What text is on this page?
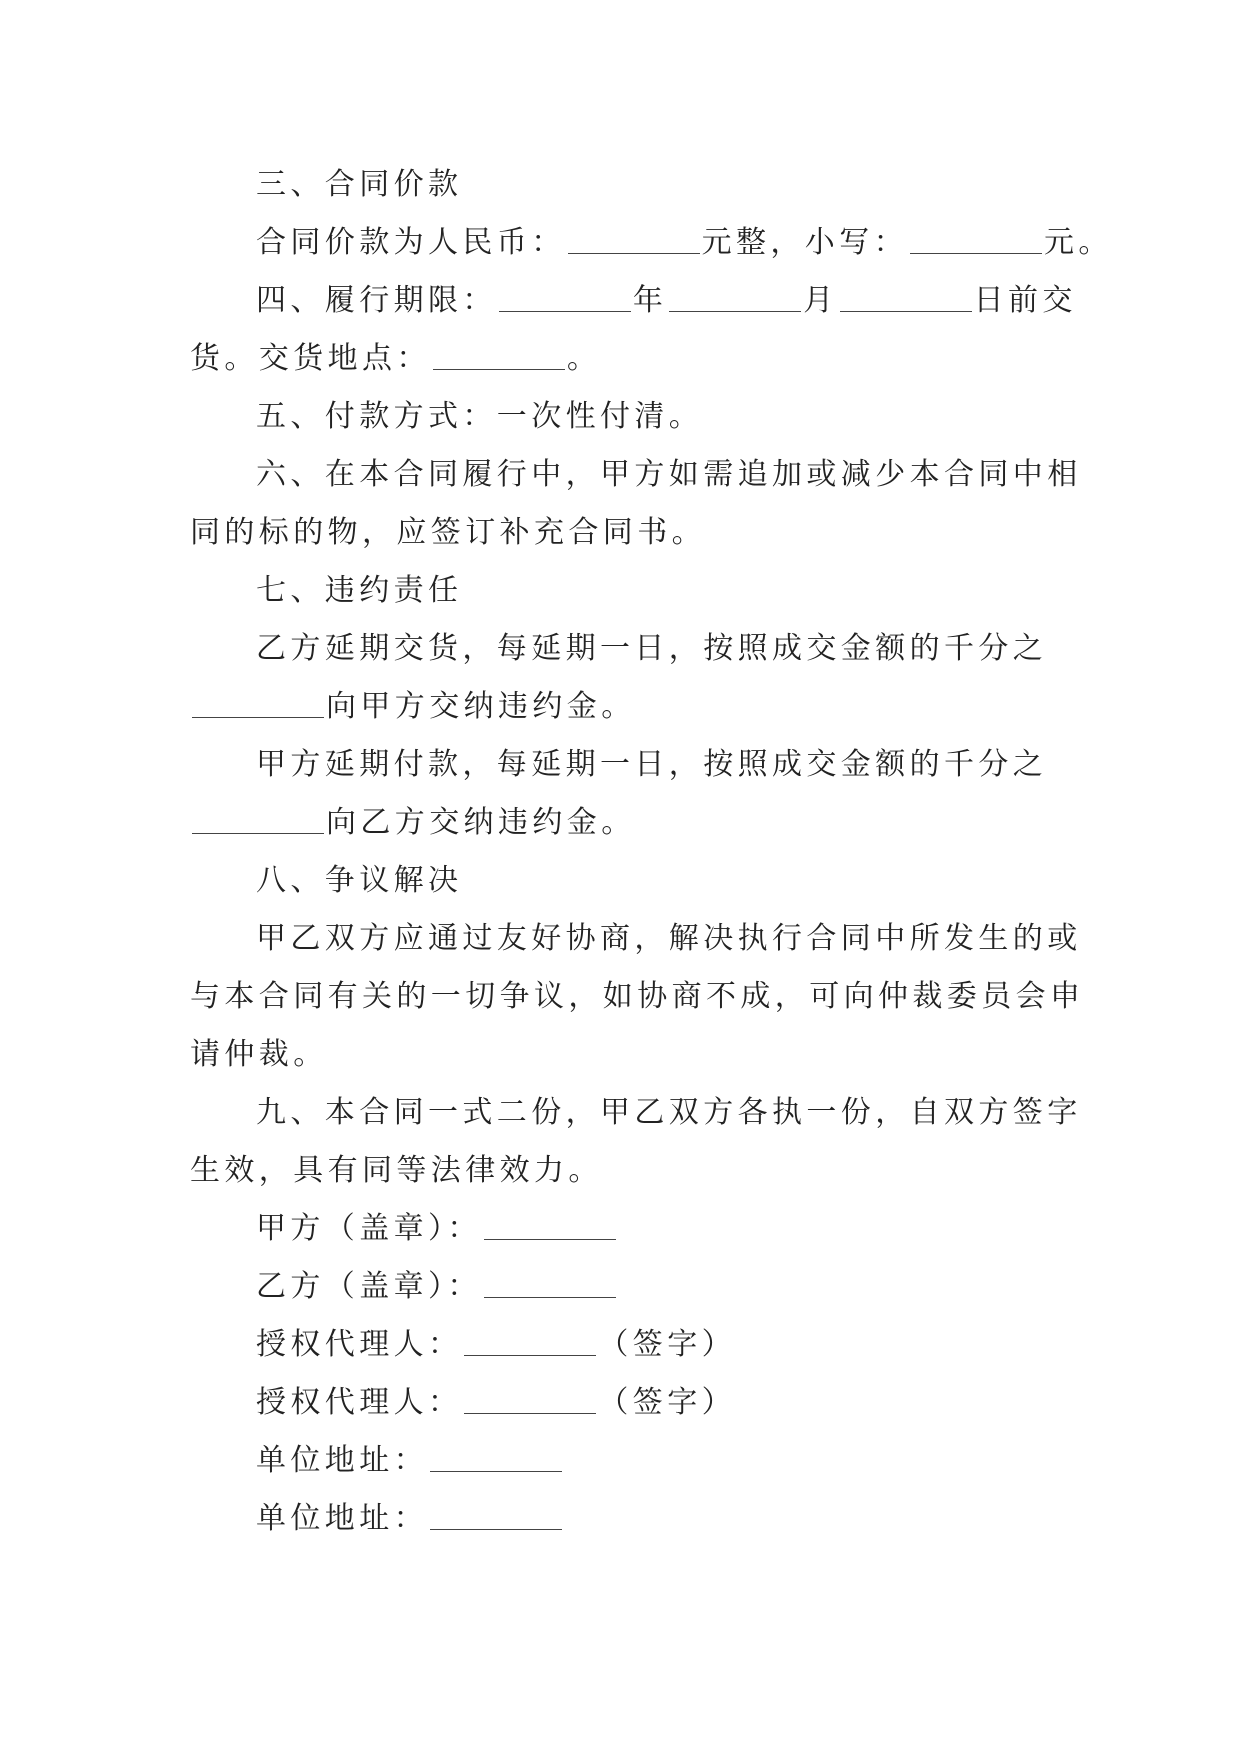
三、合同价款
合同价款为人民币：	元整，小写：	元。
四、履行期限：	年	月	日前交
货。交货地点：	。
五、付款方式：一次性付清。
六、在本合同履行中，甲方如需追加或减少本合同中相
同的标的物，应签订补充合同书。
七、违约责任
乙方延期交货，每延期一日，按照成交金额的千分之
向甲方交纳违约金。
甲方延期付款，每延期一日，按照成交金额的千分之
向乙方交纳违约金。
八、争议解决
甲乙双方应通过友好协商，解决执行合同中所发生的或
与本合同有关的一切争议，如协商不成，可向仲裁委员会申
请仲裁。
九、本合同一式二份，甲乙双方各执一份，自双方签字
生效，具有同等法律效力。
甲方（盖章）：
乙方（盖章）：
授权代理人：	（签字）
授权代理人：	（签字）
单位地址：
单位地址：
